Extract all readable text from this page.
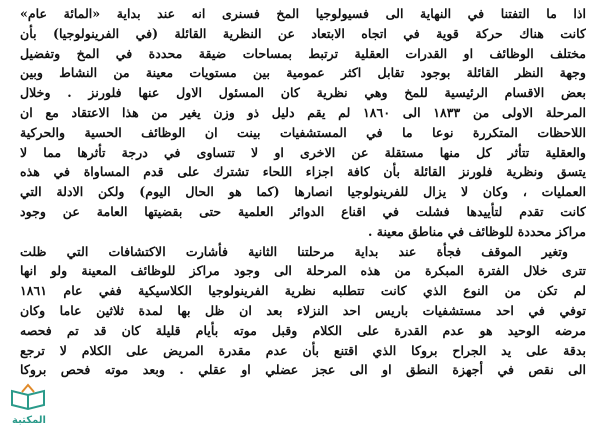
اذا ما التفتنا في النهاية الى فسيولوجيا المخ فسنرى انه عند بداية «المائة عام»
كانت هناك حركة قوية في اتجاه الابتعاد عن النظرية القائلة (في الفرينولوجيا) بأن
مختلف الوظائف او القدرات العقلية ترتبط بمساحات ضيقة محددة في المخ وتفضيل
وجهة النظر القائلة بوجود تقابل اكثر عمومية بين مستويات معينة من النشاط وبين
بعض الاقسام الرئيسية للمخ وهي نظرية كان المسئول الاول عنها فلورنز . وخلال
المرحلة الاولى من ١٨٣٣ الى ١٨٦٠ لم يقم دليل ذو وزن يغير من هذا الاعتقاد مع ان
اللاحظات المتكررة نوعا ما في المستشفيات بينت ان الوظائف الحسية والحركية
والعقلية تتأثر كل منها مستقلة عن الاخرى او لا تتساوى في درجة تأثرها مما لا
يتسق ونظرية فلورنز القائلة بأن كافة اجزاء اللحاء تشترك على قدم المساواة في هذه
العمليات ، وكان لا يزال للفرينولوجيا انصارها (كما هو الحال اليوم) ولكن الادلة التي
كانت تقدم لتأييدها فشلت في اقناع الدوائر العلمية حتى بقضيتها العامة عن وجود
مراكز محددة للوظائف في مناطق معينة .
وتغير الموقف فجأة عند بداية مرحلتنا الثانية فأشارت الاكتشافات التي ظلت
تترى خلال الفترة المبكرة من هذه المرحلة الى وجود مراكز للوظائف المعينة ولو انها
لم تكن من النوع الذي كانت تتطلبه نظرية الفرينولوجيا الكلاسيكية ففي عام ١٨٦١
توفي في احد مستشفيات باريس احد النزلاء بعد ان ظل بها لمدة ثلاثين عاما وكان
مرضه الوحيد هو عدم القدرة على الكلام وقبل موته بأيام قليلة كان قد تم فحصه
بدقة على يد الجراح بروكا الذي اقتنع بأن عدم مقدرة المريض على الكلام لا ترجع
الى نقص في أجهزة النطق او الى عجز عضلي او عقلي . وبعد موته فحص بروكا
المكتبة
